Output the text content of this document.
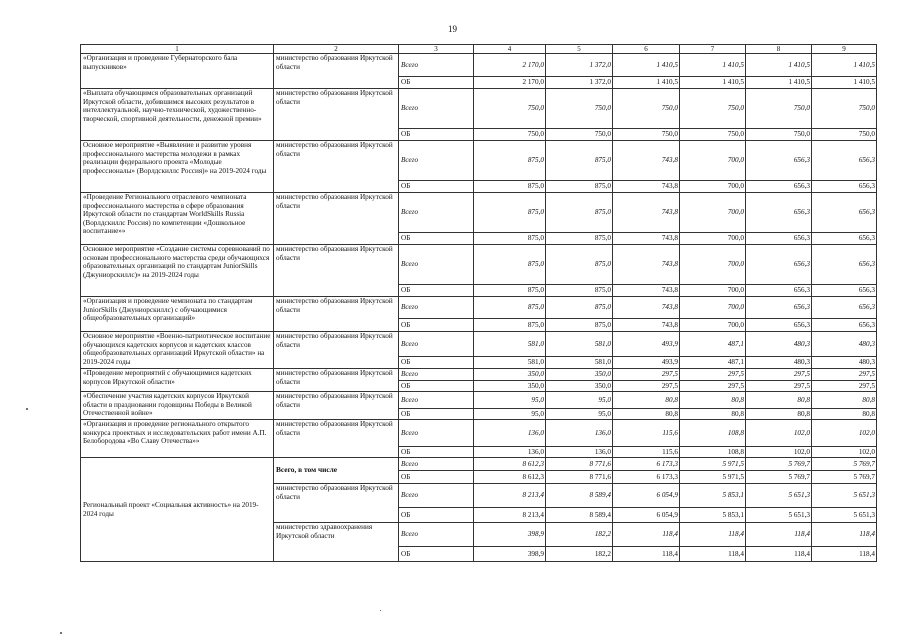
19
1	2	3	4	5	6	7	8	9
«Организация и проведение Губернаторского бала выпускников»	министерство образования Иркутской области	Всего	2 170,0	1 372,0	1 410,5	1 410,5	1 410,5	1 410,5
		ОБ	2 170,0	1 372,0	1 410,5	1 410,5	1 410,5	1 410,5
«Выплата обучающимся образовательных организаций Иркутской области, добившимся высоких результатов в интеллектуальной, научно-технической, художественно-творческой, спортивной деятельности, денежной премии»	министерство образования Иркутской области	Всего	750,0	750,0	750,0	750,0	750,0	750,0
		ОБ	750,0	750,0	750,0	750,0	750,0	750,0
Основное мероприятие «Выявление и развитие уровня профессионального мастерства молодежи в рамках реализации федерального проекта «Молодые профессионалы» (Ворлдскиллс Россия)» на 2019-2024 годы	министерство образования Иркутской области	Всего	875,0	875,0	743,8	700,0	656,3	656,3
		ОБ	875,0	875,0	743,8	700,0	656,3	656,3
«Проведение Регионального отраслевого чемпионата профессионального мастерства в сфере образования Иркутской области по стандартам WorldSkills Russia (Ворлдскиллс Россия) по компетенции «Дошкольное воспитание»»	министерство образования Иркутской области	Всего	875,0	875,0	743,8	700,0	656,3	656,3
		ОБ	875,0	875,0	743,8	700,0	656,3	656,3
Основное мероприятие «Создание системы соревнований по основам профессионального мастерства среди обучающихся образовательных организаций по стандартам JuniorSkills (Джуниорскиллс)» на 2019-2024 годы	министерство образования Иркутской области	Всего	875,0	875,0	743,8	700,0	656,3	656,3
		ОБ	875,0	875,0	743,8	700,0	656,3	656,3
«Организация и проведение чемпионата по стандартам JuniorSkills (Джуниорскиллс) с обучающимися общеобразовательных организаций»	министерство образования Иркутской области	Всего	875,0	875,0	743,8	700,0	656,3	656,3
		ОБ	875,0	875,0	743,8	700,0	656,3	656,3
Основное мероприятие «Военно-патриотическое воспитание обучающихся кадетских корпусов и кадетских классов общеобразовательных организаций Иркутской области» на 2019-2024 годы	министерство образования Иркутской области	Всего	581,0	581,0	493,9	487,1	480,3	480,3
		ОБ	581,0	581,0	493,9	487,1	480,3	480,3
«Проведение мероприятий с обучающимися кадетских корпусов Иркутской области»	министерство образования Иркутской области	Всего	350,0	350,0	297,5	297,5	297,5	297,5
		ОБ	350,0	350,0	297,5	297,5	297,5	297,5
«Обеспечение участия кадетских корпусов Иркутской области в праздновании годовщины Победы в Великой Отечественной войне»	министерство образования Иркутской области	Всего	95,0	95,0	80,8	80,8	80,8	80,8
		ОБ	95,0	95,0	80,8	80,8	80,8	80,8
«Организация и проведение регионального открытого конкурса проектных и исследовательских работ имени А.П. Белобородова «Во Славу Отечества»»	министерство образования Иркутской области	Всего	136,0	136,0	115,6	108,8	102,0	102,0
		ОБ	136,0	136,0	115,6	108,8	102,0	102,0
Региональный проект «Социальная активность» на 2019-2024 годы	Всего, в том числе	Всего	8 612,3	8 771,6	6 173,3	5 971,5	5 769,7	5 769,7
		ОБ	8 612,3	8 771,6	6 173,3	5 971,5	5 769,7	5 769,7
	министерство образования Иркутской области	Всего	8 213,4	8 589,4	6 054,9	5 853,1	5 651,3	5 651,3
		ОБ	8 213,4	8 589,4	6 054,9	5 853,1	5 651,3	5 651,3
	министерство здравоохранения Иркутской области	Всего	398,9	182,2	118,4	118,4	118,4	118,4
		ОБ	398,9	182,2	118,4	118,4	118,4	118,4
